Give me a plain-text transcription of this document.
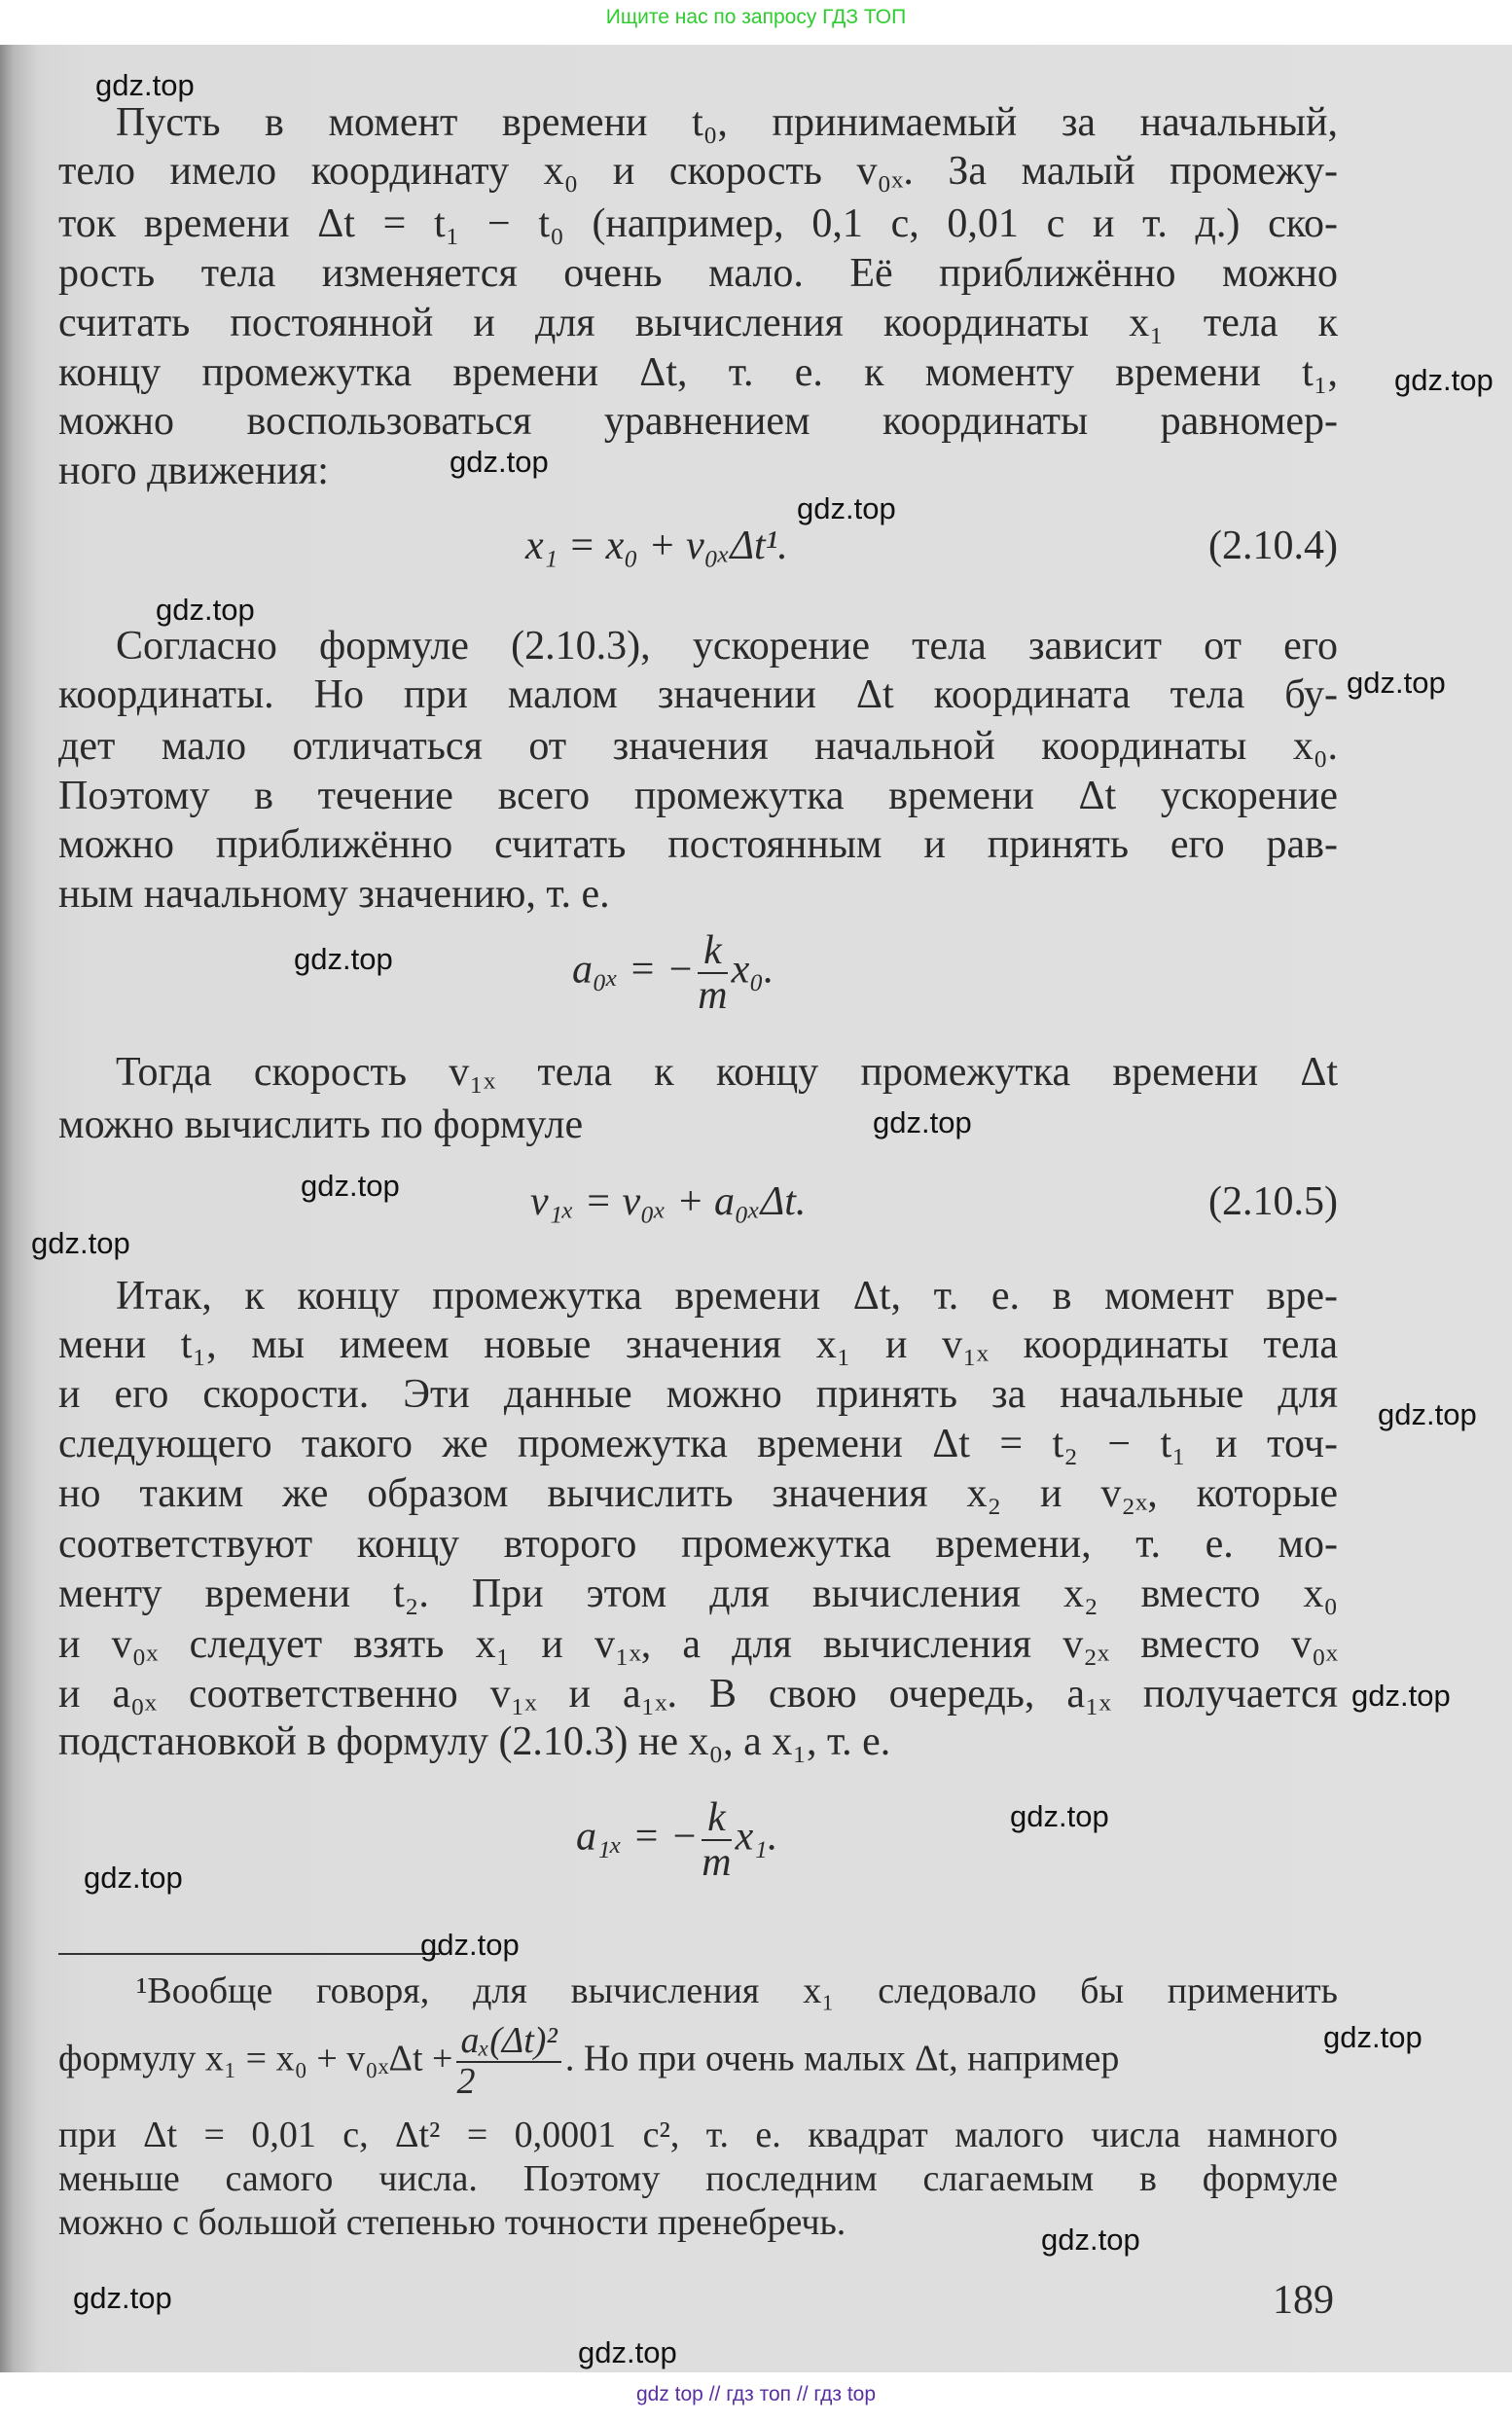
Ищите нас по запросу ГДЗ ТОП
x₁ = x₀ + v₀ₓΔt¹.	(2.10.4)
a₀ₓ = − $\frac{k}{m} x_0$.
v₁ₓ = v₀ₓ + a₀ₓΔt.	(2.10.5)
a₁ₓ = − $\frac{k}{m} x_1$.
¹Вообще говоря, для вычисления x₁ следовало бы применить
формулу $x_1 = x_0 + v_{0x}\Delta t + \frac{\text{aₓ(Δt)²}}{2}$ . Но при очень малых Δt, например
при Δt = 0,01 с, Δt² = 0,0001 с², т. е. квадрат малого числа намного
меньше самого числа. Поэтому последним слагаемым в формуле
можно с большой степенью точности пренебречь.
189
Пусть в момент времени t₀, принимаемый за начальный,
тело имело координату x₀ и скорость v₀ₓ. За малый промежу-
ток времени Δt = t₁ − t₀ (например, 0,1 с, 0,01 с и т. д.) ско-
рость тела изменяется очень мало. Её приближённо можно
считать постоянной и для вычисления координаты x₁ тела к
концу промежутка времени Δt, т. е. к моменту времени t₁,
можно воспользоваться уравнением координаты равномер-
ного движения:
Согласно формуле (2.10.3), ускорение тела зависит от его
координаты. Но при малом значении Δt координата тела бу-
дет мало отличаться от значения начальной координаты x₀.
Поэтому в течение всего промежутка времени Δt ускорение
можно приближённо считать постоянным и принять его рав-
ным начальному значению, т. е.
Тогда скорость v₁ₓ тела к концу промежутка времени Δt
можно вычислить по формуле
Итак, к концу промежутка времени Δt, т. е. в момент вре-
мени t₁, мы имеем новые значения x₁ и v₁ₓ координаты тела
и его скорости. Эти данные можно принять за начальные для
следующего такого же промежутка времени Δt = t₂ − t₁ и точ-
но таким же образом вычислить значения x₂ и v₂ₓ, которые
соответствуют концу второго промежутка времени, т. е. мо-
менту времени t₂. При этом для вычисления x₂ вместо x₀
и v₀ₓ следует взять x₁ и v₁ₓ, а для вычисления v₂ₓ вместо v₀ₓ
и a₀ₓ соответственно v₁ₓ и a₁ₓ. В свою очередь, a₁ₓ получается
подстановкой в формулу (2.10.3) не x₀, а x₁, т. е.
gdz top // гдз топ // гдз top
gdz.top
gdz.top
gdz.top
gdz.top
gdz.top
gdz.top
gdz.top
gdz.top
gdz.top
gdz.top
gdz.top
gdz.top
gdz.top
gdz.top
gdz.top
gdz.top
gdz.top
gdz.top
gdz.top
